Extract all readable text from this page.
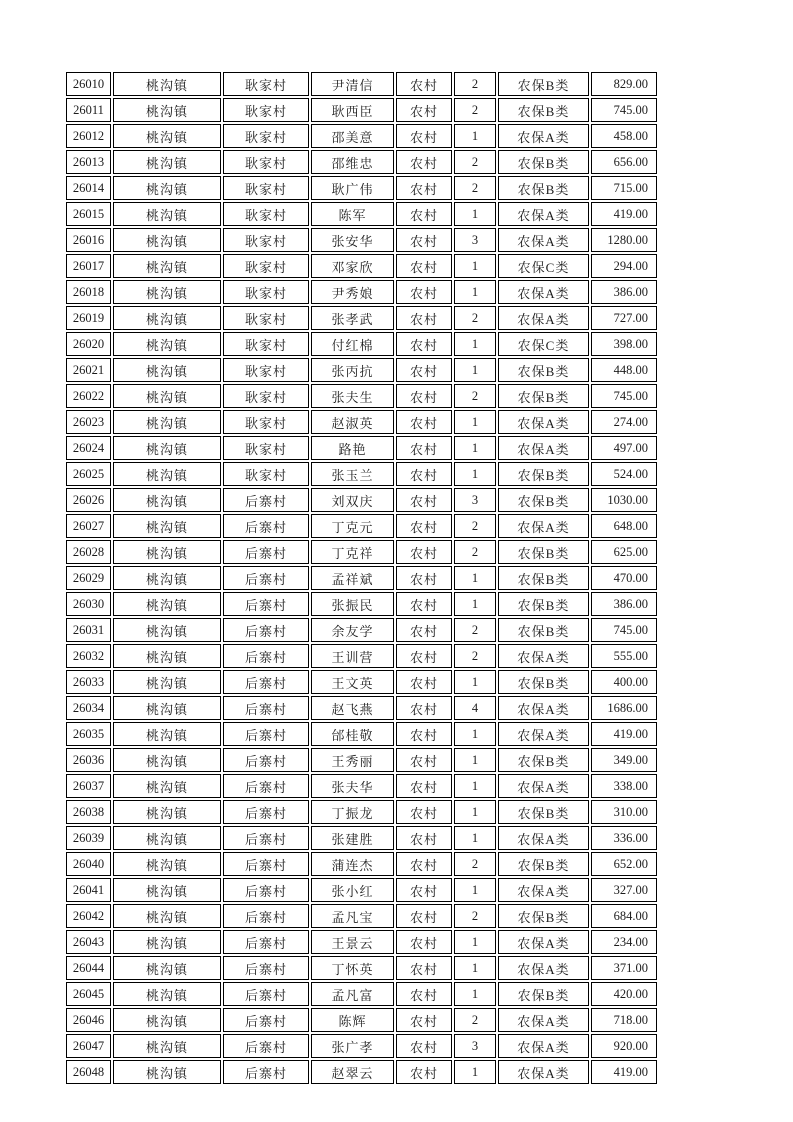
26010	桃沟镇	耿家村	尹清信	农村	2	农保B类	829.00
26011	桃沟镇	耿家村	耿西臣	农村	2	农保B类	745.00
26012	桃沟镇	耿家村	邵美意	农村	1	农保A类	458.00
26013	桃沟镇	耿家村	邵维忠	农村	2	农保B类	656.00
26014	桃沟镇	耿家村	耿广伟	农村	2	农保B类	715.00
26015	桃沟镇	耿家村	陈军	农村	1	农保A类	419.00
26016	桃沟镇	耿家村	张安华	农村	3	农保A类	1280.00
26017	桃沟镇	耿家村	邓家欣	农村	1	农保C类	294.00
26018	桃沟镇	耿家村	尹秀娘	农村	1	农保A类	386.00
26019	桃沟镇	耿家村	张孝武	农村	2	农保A类	727.00
26020	桃沟镇	耿家村	付红棉	农村	1	农保C类	398.00
26021	桃沟镇	耿家村	张丙抗	农村	1	农保B类	448.00
26022	桃沟镇	耿家村	张夫生	农村	2	农保B类	745.00
26023	桃沟镇	耿家村	赵淑英	农村	1	农保A类	274.00
26024	桃沟镇	耿家村	路艳	农村	1	农保A类	497.00
26025	桃沟镇	耿家村	张玉兰	农村	1	农保B类	524.00
26026	桃沟镇	后寨村	刘双庆	农村	3	农保B类	1030.00
26027	桃沟镇	后寨村	丁克元	农村	2	农保A类	648.00
26028	桃沟镇	后寨村	丁克祥	农村	2	农保B类	625.00
26029	桃沟镇	后寨村	孟祥斌	农村	1	农保B类	470.00
26030	桃沟镇	后寨村	张振民	农村	1	农保B类	386.00
26031	桃沟镇	后寨村	余友学	农村	2	农保B类	745.00
26032	桃沟镇	后寨村	王训营	农村	2	农保A类	555.00
26033	桃沟镇	后寨村	王文英	农村	1	农保B类	400.00
26034	桃沟镇	后寨村	赵飞燕	农村	4	农保A类	1686.00
26035	桃沟镇	后寨村	邰桂敬	农村	1	农保A类	419.00
26036	桃沟镇	后寨村	王秀丽	农村	1	农保B类	349.00
26037	桃沟镇	后寨村	张夫华	农村	1	农保A类	338.00
26038	桃沟镇	后寨村	丁振龙	农村	1	农保B类	310.00
26039	桃沟镇	后寨村	张建胜	农村	1	农保A类	336.00
26040	桃沟镇	后寨村	蒲连杰	农村	2	农保B类	652.00
26041	桃沟镇	后寨村	张小红	农村	1	农保A类	327.00
26042	桃沟镇	后寨村	孟凡宝	农村	2	农保B类	684.00
26043	桃沟镇	后寨村	王景云	农村	1	农保A类	234.00
26044	桃沟镇	后寨村	丁怀英	农村	1	农保A类	371.00
26045	桃沟镇	后寨村	孟凡富	农村	1	农保B类	420.00
26046	桃沟镇	后寨村	陈辉	农村	2	农保A类	718.00
26047	桃沟镇	后寨村	张广孝	农村	3	农保A类	920.00
26048	桃沟镇	后寨村	赵翠云	农村	1	农保A类	419.00
